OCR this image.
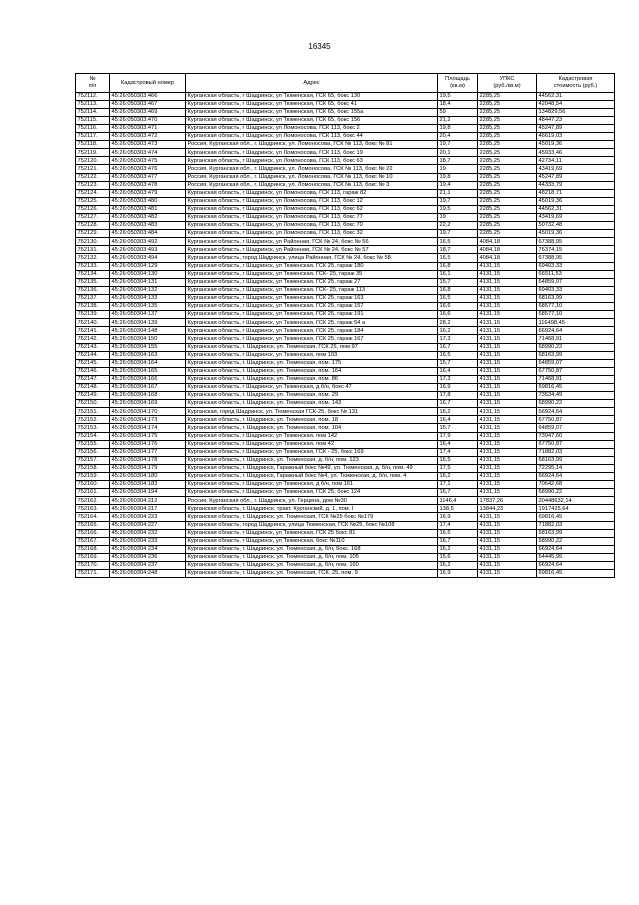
16345
№
п/п	Кадастровый номер	Адрес	Площадь
(кв.м)	УПКС
(руб./кв.м)	Кадастровая
стоимость (руб.)
752112.	45:26:050303:466	Курганская область, г Шадринск, ул Тюменская, ГСК 65, бокс 130	19,5	2285,25	44562,31
752113.	45:26:050303:467	Курганская область, г Шадринск, ул Тюменская, ГСК 65, бокс 41	18,4	2285,25	42048,54
752114.	45:26:050303:469	Курганская область, г Шадринск, ул Тюменская, ГСК 65, бокс 155а	59	2285,25	134829,56
752115.	45:26:050303:470	Курганская область, г Шадринск, ул Тюменская, ГСК 65, бокс 156	21,2	2285,25	48447,23
752116.	45:26:050303:471	Курганская область, г Шадринск, ул Ломоносова, ГСК 113, бокс 2	19,8	2285,25	45247,89
752117.	45:26:050303:472	Курганская область, г Шадринск, ул Ломоносова, ГСК 113, бокс 44	20,4	2285,25	46619,03
752118.	45:26:050303:473	Россия, Курганская обл., г. Шадринск, ул. Ломоносова, ГСК № 113, бокс № 81	19,7	2285,25	45019,36
752119.	45:26:050303:474	Курганская область, г Шадринск, ул Ломоносова, ГСК 113, бокс 19	20,1	2285,25	45933,46
752120.	45:26:050303:475	Курганская область, г Шадринск, ул Ломоносова, ГСК 113, бокс 63	18,7	2285,25	42734,11
752121.	45:26:050303:476	Россия, Курганская обл., г. Шадринск, ул. Ломоносова, ГСК № 113, бокс № 22	19	2285,25	43419,69
752122.	45:26:050303:477	Россия, Курганская обл., г. Шадринск, ул. Ломоносова, ГСК № 113, бокс № 10	19,8	2285,25	45247,89
752123.	45:26:050303:478	Россия, Курганская обл., г. Шадринск, ул. Ломоносова, ГСК № 113, бокс № 3	19,4	2285,25	44333,79
752124.	45:26:050303:479	Курганская область, г Шадринск, ул Ломоносова, ГСК 113, гараж 82	21,1	2285,25	48218,71
752125.	45:26:050303:480	Курганская область, г Шадринск, ул Ломоносова, ГСК 113, бокс 12	19,7	2285,25	45019,36
752126.	45:26:050303:481	Курганская область, г Шадринск, ул Ломоносова, ГСК 113, бокс 62	19,5	2285,25	44562,31
752127.	45:26:050303:482	Курганская область, г Шадринск, ул Ломоносова, ГСК 113, бокс 77	19	2285,25	43419,69
752128.	45:26:050303:483	Курганская область, г Шадринск, ул Ломоносова, ГСК 113, бокс 70	22,2	2285,25	50732,48
752129.	45:26:050303:484	Курганская область, г Шадринск, ул Ломоносова, ГСК 113, бокс 32	19,7	2285,25	45019,36
752130.	45:26:050303:492	Курганская область, г Шадринск, ул Районная, ГСК № 24, бокс № 56	16,5	4084,18	67388,95
752131.	45:26:050303:493	Курганская область, г Шадринск, ул Районная, ГСК № 24, бокс № 57	18,7	4084,18	76374,15
752132.	45:26:050303:494	Курганская область, город Шадринск, улица Районная, ГСК № 24, бокс № 58	16,5	4084,18	67388,95
752133.	45:26:050304:129	Курганская область, г Шадринск, ул Тюменская, ГСК 25, гараж 180	16,8	4131,15	69403,33
752134.	45:26:050304:130	Курганская область, г Шадринск, ул Тюменская, ГСК- 25, гараж 35	16,1	4131,15	66511,53
752135.	45:26:050304:131	Курганская область, г Шадринск, ул Тюменская, ГСК 25, гараж 27	15,7	4131,15	64859,07
752136.	45:26:050304:132	Курганская область, г Шадринск, ул Тюменская, ГСК- 25, гараж 113	16,8	4131,15	69403,33
752137.	45:26:050304:133	Курганская область, г Шадринск, ул Тюменская, ГСК 25, гараж 163	16,5	4131,15	68163,99
752138.	45:26:050304:135	Курганская область, г Шадринск, ул Тюменская, ГСК 25, гараж 157	16,6	4131,15	68577,10
752139.	45:26:050304:137	Курганская область, г Шадринск, ул Тюменская, ГСК 25, гараж 191	16,6	4131,15	68577,10
752140.	45:26:050304:139	Курганская область, г Шадринск, ул Тюменская, ГСК 25, гараж 54 а	28,2	4131,15	116498,45
752141.	45:26:050304:148	Курганская область, г Шадринск, ул Тюменская, ГСК 25, гараж 184	16,2	4131,15	66924,64
752142.	45:26:050304:150	Курганская область, г Шадринск, ул Тюменская, ГСК 25, гараж 167	17,3	4131,15	71468,91
752143.	45:26:050304:155	Курганская область, г. Шадринск, ул. Тюменская, ГСК 25, пом 97	16,7	4131,15	68990,22
752144.	45:26:050304:163	Курганская область, г Шадринск, ул Тюменская, пом 103	16,5	4131,15	68163,99
752145.	45:26:050304:164	Курганская область, г. Шадринск, ул. Тюменская, пом. 175	15,7	4131,15	64859,07
752146.	45:26:050304:165	Курганская область, г. Шадринск, ул. Тюменская, пом. 164	16,4	4131,15	67750,87
752147.	45:26:050304:166	Курганская область, г. Шадринск, ул. Тюменская, пом. 86	17,3	4131,15	71468,91
752148.	45:26:050304:167	Курганская область, г Шадринск, ул Тюменская, д б/н, бокс 47	16,9	4131,15	69816,45
752149.	45:26:050304:168	Курганская область, г. Шадринск, ул. Тюменская, пом. 29	17,8	4131,15	73534,49
752150.	45:26:050304:169	Курганская область, г. Шадринск, ул. Тюменская, пом. 143	16,7	4131,15	68990,22
752151.	45:26:050304:170	Курганская, город Шадринск, ул. Тюменская ГСК-25, бокс № 131	16,2	4131,15	66924,64
752152.	45:26:050304:173	Курганская область, г. Шадринск, ул. Тюменская, пом. 18	16,4	4131,15	67750,87
752153.	45:26:050304:174	Курганская область, г. Шадринск, ул. Тюменская, пом. 104	15,7	4131,15	64859,07
752154.	45:26:050304:175	Курганская область, г Шадринск, ул Тюменская, пом 142	17,9	4131,15	73947,60
752155.	45:26:050304:176	Курганская область, г Шадринск, ул Тюменская, пом 42	16,4	4131,15	67750,87
752156.	45:26:050304:177	Курганская область, г Шадринск, ул Тюменская, ГСК - 25, бокс 169	17,4	4131,15	71882,03
752157.	45:26:050304:178	Курганская область, г. Шадринск, ул. Тюменская, д. б/н, пом. 123	16,5	4131,15	68163,99
752158.	45:26:050304:179	Курганская область, г. Шадринск, Гаражный бокс №49, ул. Тюменская, д. б/н, пом. 49	17,5	4131,15	72295,14
752159.	45:26:050304:180	Курганская область, г. Шадринск, Гаражный бокс №4, ул. Тюменская, д. б/н, пом. 4	16,2	4131,15	66924,64
752160.	45:26:050304:183	Курганская область, г Шадринск, ул Тюменская, д б/н, пом 161	17,1	4131,15	70642,68
752161.	45:26:050304:194	Курганская область, г Шадринск, ул Тюменская, ГСК 25, бокс 124	16,7	4131,15	68990,22
752162.	45:26:050304:212	Россия, Курганская обл., г. Шадринск, ул. Герцена, дом №30	1146,4	17837,26	20448632,14
752163.	45:26:050304:217	Курганская область, г. Шадринск, тракт. Курганский, д. 1, пом. I	138,5	13844,23	1917425,64
752164.	45:26:050304:223	Курганская область, г. Шадринск, ул. Тюменская, ГСК №25 бокс №179	16,9	4131,15	69816,45
752165.	45:26:050304:227	Курганская область, город Шадринск, улица Тюменская, ГСК №25, бокс №108	17,4	4131,15	71882,03
752166.	45:26:050304:232	Курганская область, г Шадринск, ул Тюменская, ГСК 25 бокс 81	16,5	4131,15	68163,99
752167.	45:26:050304:233	Курганская область, г Шадринск, ул Тюменская, бокс №110	16,7	4131,15	68990,22
752168.	45:26:050304:234	Курганская область, г. Шадринск, ул. Тюменская, д. б/н, бокс. 168	16,2	4131,15	66924,64
752169.	45:26:050304:236	Курганская область, г. Шадринск, ул. Тюменская, д. б/н, пом. 105	15,6	4131,15	64445,95
752170.	45:26:050304:237	Курганская область, г. Шадринск, ул. Тюменская, д. б/н, пом. 160	16,2	4131,15	66924,64
752171.	45:26:050304:248	Курганская область, г. Шадринск, ул. Тюменская, ГСК. 25, пом. 9	16,9	4131,15	69816,45
